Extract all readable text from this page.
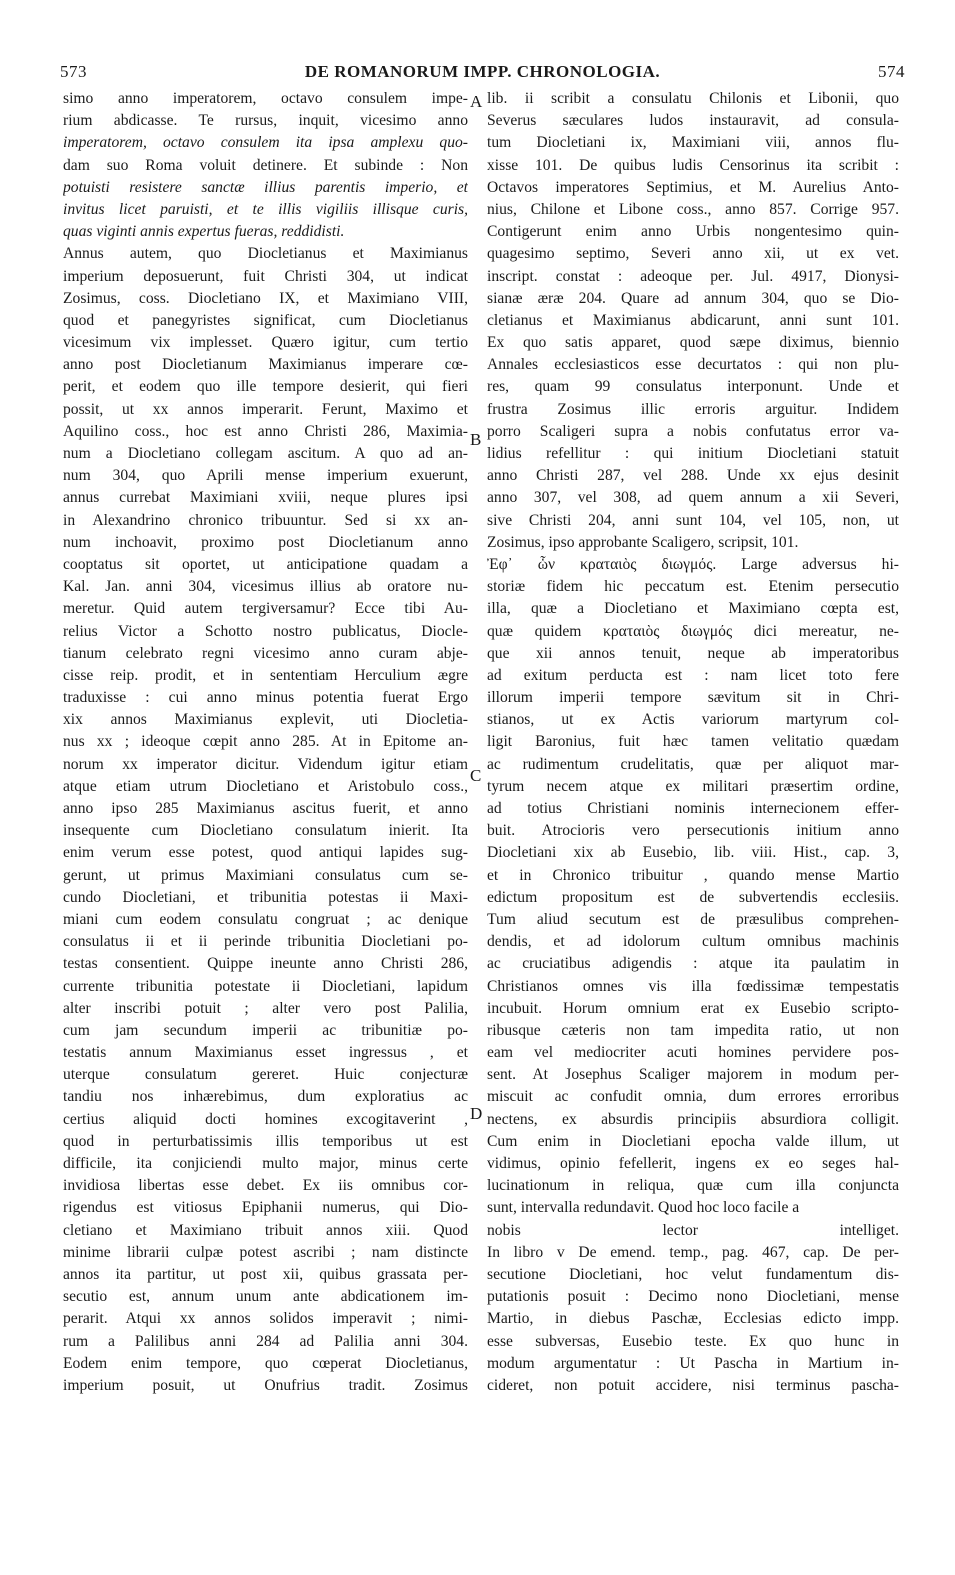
573	DE ROMANORUM IMPP. CHRONOLOGIA.	574
simo anno imperatorem, octavo consulem impe-
rium abdicasse. Te rursus, inquit, vicesimo anno
imperatorem, octavo consulem ita ipsa amplexu quo-
dam suo Roma voluit detinere. Et subinde : Non
potuisti resistere sanctæ illius parentis imperio, et
invitus licet paruisti, et te illis vigiliis illisque curis,
quas viginti annis expertus fueras, reddidisti.
Annus autem, quo Diocletianus et Maximianus
imperium deposuerunt, fuit Christi 304, ut indicat
Zosimus, coss. Diocletiano IX, et Maximiano VIII,
quod et panegyristes significat, cum Diocletianus
vicesimum vix implesset. Quæro igitur, cum tertio
anno post Diocletianum Maximianus imperare cœ-
perit, et eodem quo ille tempore desierit, qui fieri
possit, ut xx annos imperarit. Ferunt, Maximo et
Aquilino coss., hoc est anno Christi 286, Maximia-
num a Diocletiano collegam ascitum. A quo ad an-
num 304, quo Aprili mense imperium exuerunt,
annus currebat Maximiani xviii, neque plures ipsi
in Alexandrino chronico tribuuntur. Sed si xx an-
num inchoavit, proximo post Diocletianum anno
cooptatus sit oportet, ut anticipatione quadam a
Kal. Jan. anni 304, vicesimus illius ab oratore nu-
meretur. Quid autem tergiversamur? Ecce tibi Au-
relius Victor a Schotto nostro publicatus, Diocle-
tianum celebrato regni vicesimo anno curam abje-
cisse reip. prodit, et in sententiam Herculium ægre
traduxisse : cui anno minus potentia fuerat Ergo
xix annos Maximianus explevit, uti Diocletia-
nus xx ; ideoque cœpit anno 285. At in Epitome an-
norum xx imperator dicitur. Videndum igitur etiam
atque etiam utrum Diocletiano et Aristobulo coss.,
anno ipso 285 Maximianus ascitus fuerit, et anno
insequente cum Diocletiano consulatum inierit. Ita
enim verum esse potest, quod antiqui lapides sug-
gerunt, ut primus Maximiani consulatus cum se-
cundo Diocletiani, et tribunitia potestas ii Maxi-
miani cum eodem consulatu congruat ; ac denique
consulatus ii et ii perinde tribunitia Diocletiani po-
testas consentient. Quippe ineunte anno Christi 286,
currente tribunitia potestate ii Diocletiani, lapidum
alter inscribi potuit ; alter vero post Palilia,
cum jam secundum imperii ac tribunitiæ po-
testatis annum Maximianus esset ingressus , et
uterque consulatum gereret. Huic conjecturæ
tandiu nos inhærebimus, dum exploratius ac
certius aliquid docti homines excogitaverint ,
quod in perturbatissimis illis temporibus ut est
difficile, ita conjiciendi multo major, minus certe
invidiosa libertas esse debet. Ex iis omnibus cor-
rigendus est vitiosus Epiphanii numerus, qui Dio-
cletiano et Maximiano tribuit annos xiii. Quod
minime librarii culpæ potest ascribi ; nam distincte
annos ita partitur, ut post xii, quibus grassata per-
secutio est, annum unum ante abdicationem im-
perarit. Atqui xx annos solidos imperavit ; nimi-
rum a Palilibus anni 284 ad Palilia anni 304.
Eodem enim tempore, quo cœperat Diocletianus,
imperium posuit, ut Onufrius tradit. Zosimus
lib. ii scribit a consulatu Chilonis et Libonii, quo
Severus sæculares ludos instauravit, ad consula-
tum Diocletiani ix, Maximiani viii, annos flu-
xisse 101. De quibus ludis Censorinus ita scribit :
Octavos imperatores Septimius, et M. Aurelius Anto-
nius, Chilone et Libone coss., anno 857. Corrige 957.
Contigerunt enim anno Urbis nongentesimo quin-
quagesimo septimo, Severi anno xii, ut ex vet.
inscript. constat : adeoque per. Jul. 4917, Dionysi-
sianæ æræ 204. Quare ad annum 304, quo se Dio-
cletianus et Maximianus abdicarunt, anni sunt 101.
Ex quo satis apparet, quod sæpe diximus, biennio
Annales ecclesiasticos esse decurtatos : qui non plu-
res, quam 99 consulatus interponunt. Unde et
frustra Zosimus illic erroris arguitur. Indidem
porro Scaligeri supra a nobis confutatus error va-
lidius refellitur : qui initium Diocletiani statuit
anno Christi 287, vel 288. Unde xx ejus desinit
anno 307, vel 308, ad quem annum a xii Severi,
sive Christi 204, anni sunt 104, vel 105, non, ut
Zosimus, ipso approbante Scaligero, scripsit, 101.
Ἐφ᾽ ὧν κραταιὸς διωγμός. Large adversus hi-
storiæ fidem hic peccatum est. Etenim persecutio
illa, quæ a Diocletiano et Maximiano cœpta est,
quæ quidem κραταιὸς διωγμός dici mereatur, ne-
que xii annos tenuit, neque ab imperatoribus
ad exitum perducta est : nam licet toto fere
illorum imperii tempore sævitum sit in Chri-
stianos, ut ex Actis variorum martyrum col-
ligit Baronius, fuit hæc tamen velitatio quædam
ac rudimentum crudelitatis, quæ per aliquot mar-
tyrum necem atque ex militari præsertim ordine,
ad totius Christiani nominis internecionem effer-
buit. Atrocioris vero persecutionis initium anno
Diocletiani xix ab Eusebio, lib. viii. Hist., cap. 3,
et in Chronico tribuitur , quando mense Martio
edictum propositum est de subvertendis ecclesiis.
Tum aliud secutum est de præsulibus comprehen-
dendis, et ad idolorum cultum omnibus machinis
ac cruciatibus adigendis : atque ita paulatim in
Christianos omnes vis illa fœdissimæ tempestatis
incubuit. Horum omnium erat ex Eusebio scripto-
ribusque cæteris non tam impedita ratio, ut non
eam vel mediocriter acuti homines pervidere pos-
sent. At Josephus Scaliger majorem in modum per-
miscuit ac confudit omnia, dum errores erroribus
nectens, ex absurdis principiis absurdiora colligit.
Cum enim in Diocletiani epocha valde illum, ut
vidimus, opinio fefellerit, ingens ex eo seges hal-
lucinationum in reliqua, quæ cum illa conjuncta
sunt, intervalla redundavit. Quod hoc loco facile a
nobis lector intelliget.
In libro v De emend. temp., pag. 467, cap. De per-
secutione Diocletiani, hoc velut fundamentum dis-
putationis posuit : Decimo nono Diocletiani, mense
Martio, in diebus Paschæ, Ecclesias edicto impp.
esse subversas, Eusebio teste. Ex quo hunc in
modum argumentatur : Ut Pascha in Martium in-
cideret, non potuit accidere, nisi terminus pascha-
A
B
C
D
